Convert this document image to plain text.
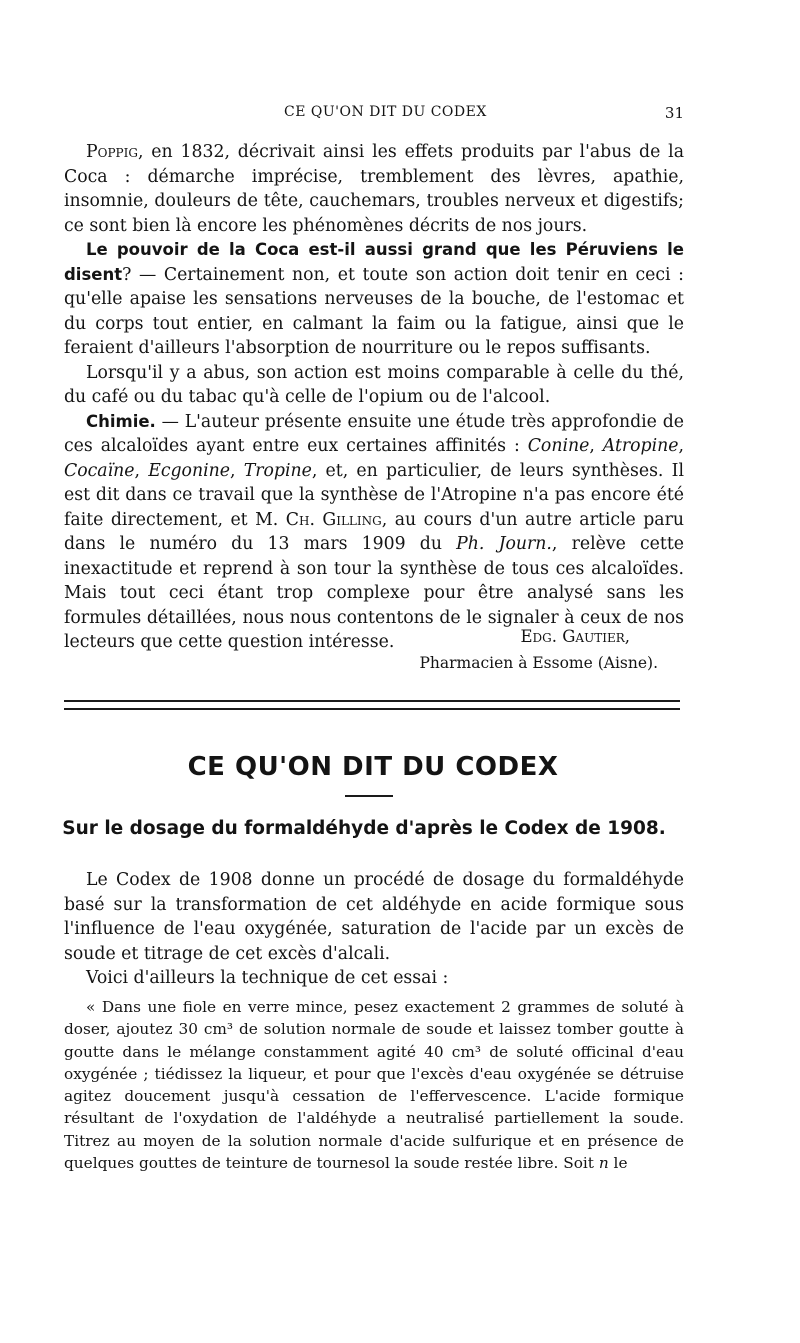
CE QU'ON DIT DU CODEX	31

Poppig, en 1832, décrivait ainsi les effets produits par l'abus de la Coca : démarche imprécise, tremblement des lèvres, apathie, insomnie, douleurs de tête, cauchemars, troubles nerveux et digestifs; ce sont bien là encore les phénomènes décrits de nos jours.

Le pouvoir de la Coca est-il aussi grand que les Péruviens le disent? — Certainement non, et toute son action doit tenir en ceci : qu'elle apaise les sensations nerveuses de la bouche, de l'estomac et du corps tout entier, en calmant la faim ou la fatigue, ainsi que le feraient d'ailleurs l'absorption de nourriture ou le repos suffisants.

Lorsqu'il y a abus, son action est moins comparable à celle du thé, du café ou du tabac qu'à celle de l'opium ou de l'alcool.

Chimie. — L'auteur présente ensuite une étude très approfondie de ces alcaloïdes ayant entre eux certaines affinités : Conine, Atropine, Cocaïne, Ecgonine, Tropine, et, en particulier, de leurs synthèses. Il est dit dans ce travail que la synthèse de l'Atropine n'a pas encore été faite directement, et M. Ch. Gilling, au cours d'un autre article paru dans le numéro du 13 mars 1909 du Ph. Journ., relève cette inexactitude et reprend à son tour la synthèse de tous ces alcaloïdes. Mais tout ceci étant trop complexe pour être analysé sans les formules détaillées, nous nous contentons de le signaler à ceux de nos lecteurs que cette question intéresse.	Edg. Gautier,
Pharmacien à Essome (Aisne).
CE QU'ON DIT DU CODEX
Sur le dosage du formaldéhyde d'après le Codex de 1908.

Le Codex de 1908 donne un procédé de dosage du formaldéhyde basé sur la transformation de cet aldéhyde en acide formique sous l'influence de l'eau oxygénée, saturation de l'acide par un excès de soude et titrage de cet excès d'alcali.

Voici d'ailleurs la technique de cet essai :

« Dans une fiole en verre mince, pesez exactement 2 grammes de soluté à doser, ajoutez 30 cm³ de solution normale de soude et laissez tomber goutte à goutte dans le mélange constamment agité 40 cm³ de soluté officinal d'eau oxygénée ; tiédissez la liqueur, et pour que l'excès d'eau oxygénée se détruise agitez doucement jusqu'à cessation de l'effervescence. L'acide formique résultant de l'oxydation de l'aldéhyde a neutralisé partiellement la soude. Titrez au moyen de la solution normale d'acide sulfurique et en présence de quelques gouttes de teinture de tournesol la soude restée libre. Soit n le
